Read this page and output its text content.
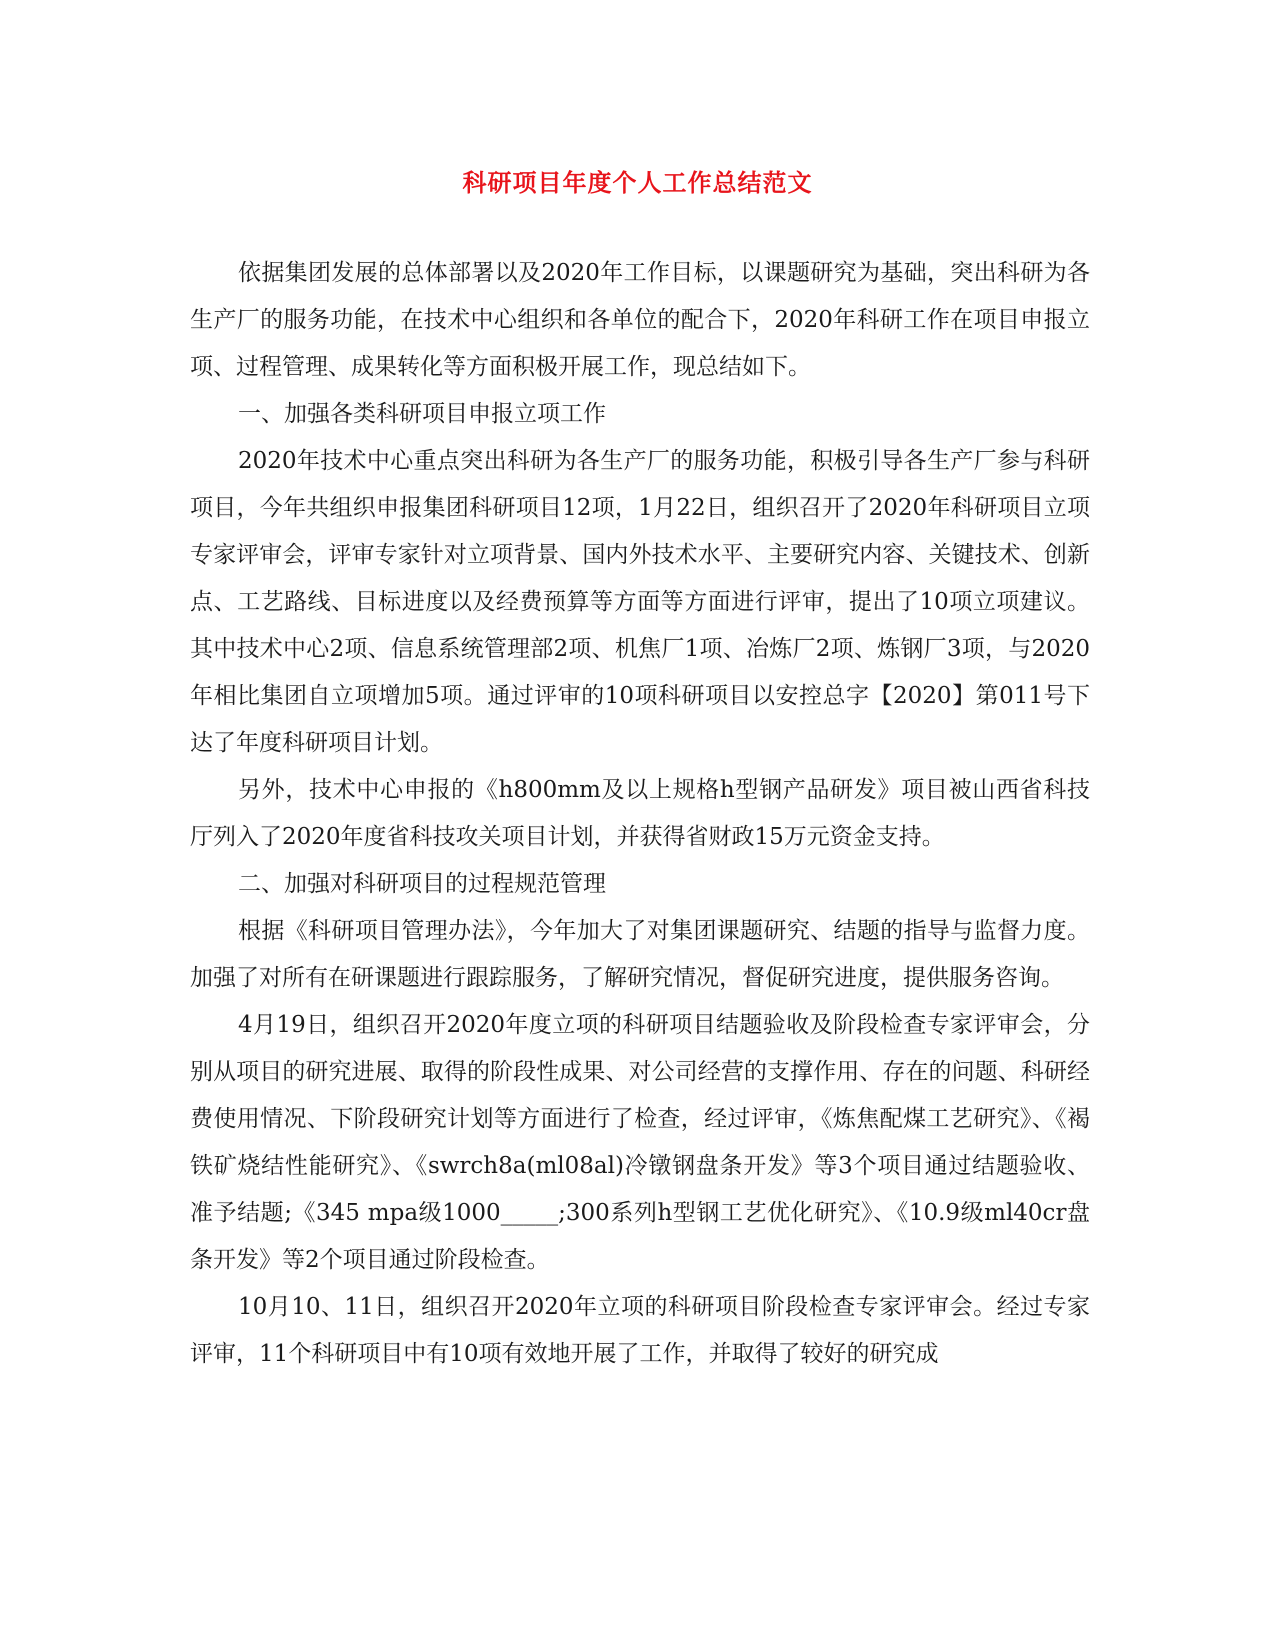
科研项目年度个人工作总结范文

依据集团发展的总体部署以及2020年工作目标，以课题研究为基础，突出科研为各生产厂的服务功能，在技术中心组织和各单位的配合下，2020年科研工作在项目申报立项、过程管理、成果转化等方面积极开展工作，现总结如下。

一、加强各类科研项目申报立项工作

2020年技术中心重点突出科研为各生产厂的服务功能，积极引导各生产厂参与科研项目，今年共组织申报集团科研项目12项，1月22日，组织召开了2020年科研项目立项专家评审会，评审专家针对立项背景、国内外技术水平、主要研究内容、关键技术、创新点、工艺路线、目标进度以及经费预算等方面等方面进行评审，提出了10项立项建议。其中技术中心2项、信息系统管理部2项、机焦厂1项、冶炼厂2项、炼钢厂3项，与2020年相比集团自立项增加5项。通过评审的10项科研项目以安控总字【2020】第011号下达了年度科研项目计划。

另外，技术中心申报的《h800mm及以上规格h型钢产品研发》项目被山西省科技厅列入了2020年度省科技攻关项目计划，并获得省财政15万元资金支持。

二、加强对科研项目的过程规范管理

根据《科研项目管理办法》，今年加大了对集团课题研究、结题的指导与监督力度。加强了对所有在研课题进行跟踪服务，了解研究情况，督促研究进度，提供服务咨询。

4月19日，组织召开2020年度立项的科研项目结题验收及阶段检查专家评审会，分别从项目的研究进展、取得的阶段性成果、对公司经营的支撑作用、存在的问题、科研经费使用情况、下阶段研究计划等方面进行了检查，经过评审，《炼焦配煤工艺研究》、《褐铁矿烧结性能研究》、《swrch8a(ml08al)冷镦钢盘条开发》等3个项目通过结题验收、准予结题;《345 mpa级1000_____;300系列h型钢工艺优化研究》、《10.9级ml40cr盘条开发》等2个项目通过阶段检查。

10月10、11日，组织召开2020年立项的科研项目阶段检查专家评审会。经过专家评审，11个科研项目中有10项有效地开展了工作，并取得了较好的研究成
